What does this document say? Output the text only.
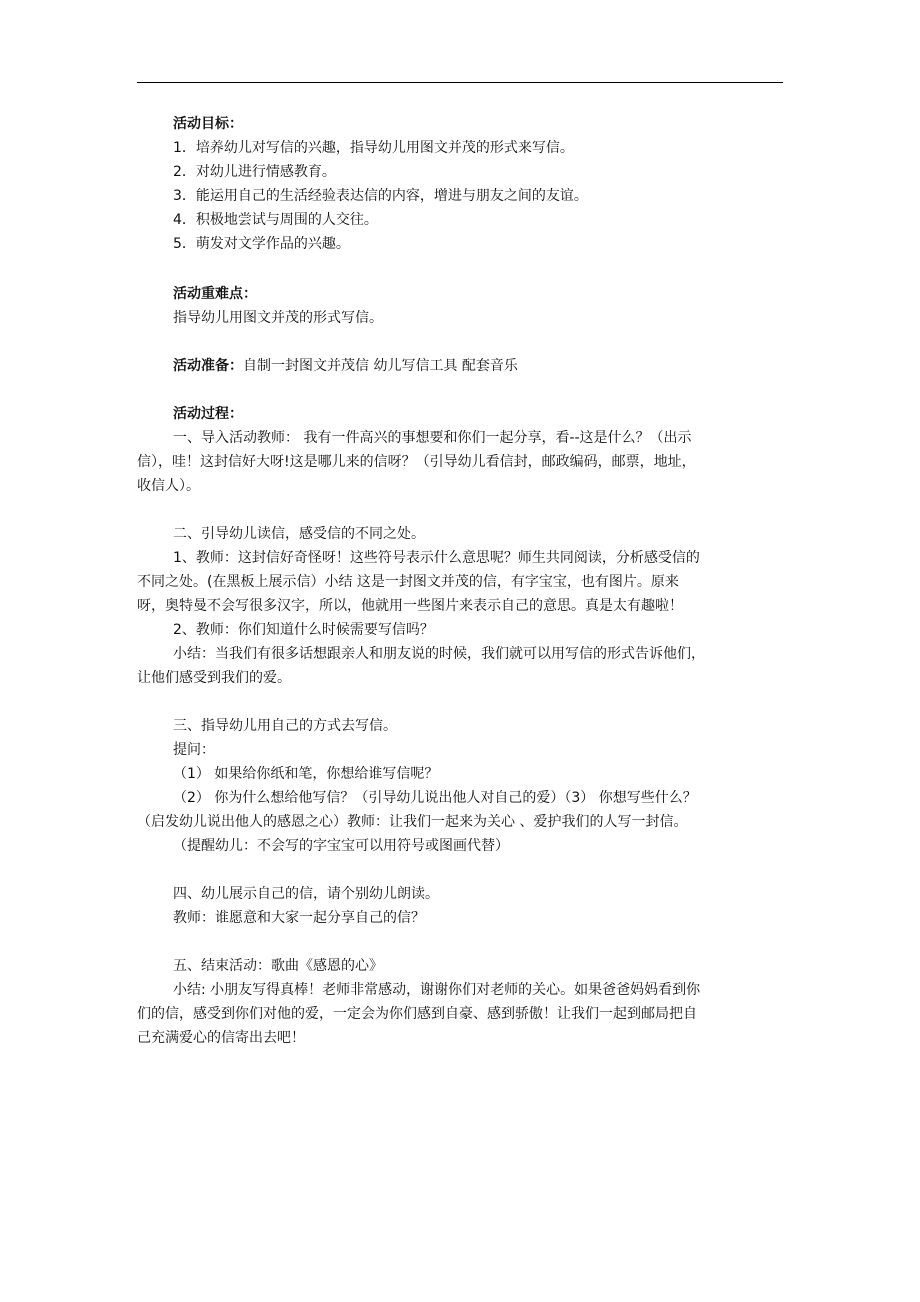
活动目标：
1．培养幼儿对写信的兴趣，指导幼儿用图文并茂的形式来写信。
2．对幼儿进行情感教育。
3．能运用自己的生活经验表达信的内容，增进与朋友之间的友谊。
4．积极地尝试与周围的人交往。
5．萌发对文学作品的兴趣。
活动重难点：
指导幼儿用图文并茂的形式写信。
活动准备：自制一封图文并茂信 幼儿写信工具 配套音乐
活动过程：
一、导入活动教师： 我有一件高兴的事想要和你们一起分享，看--这是什么？（出示
信），哇！这封信好大呀!这是哪儿来的信呀？（引导幼儿看信封，邮政编码，邮票，地址，
收信人）。
二、引导幼儿读信，感受信的不同之处。
1、教师：这封信好奇怪呀！这些符号表示什么意思呢？师生共同阅读，分析感受信的
不同之处。(在黑板上展示信）小结 这是一封图文并茂的信，有字宝宝，也有图片。原来
呀，奥特曼不会写很多汉字，所以，他就用一些图片来表示自己的意思。真是太有趣啦！
2、教师：你们知道什么时候需要写信吗？
小结：当我们有很多话想跟亲人和朋友说的时候，我们就可以用写信的形式告诉他们，
让他们感受到我们的爱。
三、指导幼儿用自己的方式去写信。
提问：
（1） 如果给你纸和笔，你想给谁写信呢？
（2） 你为什么想给他写信？（引导幼儿说出他人对自己的爱）（3） 你想写些什么？
（启发幼儿说出他人的感恩之心）教师：让我们一起来为关心 、爱护我们的人写一封信。
（提醒幼儿：不会写的字宝宝可以用符号或图画代替）
四、幼儿展示自己的信，请个别幼儿朗读。
教师：谁愿意和大家一起分享自己的信？
五、结束活动：歌曲《感恩的心》
小结: 小朋友写得真棒！老师非常感动，谢谢你们对老师的关心。如果爸爸妈妈看到你
们的信，感受到你们对他的爱，一定会为你们感到自豪、感到骄傲！让我们一起到邮局把自
己充满爱心的信寄出去吧！
